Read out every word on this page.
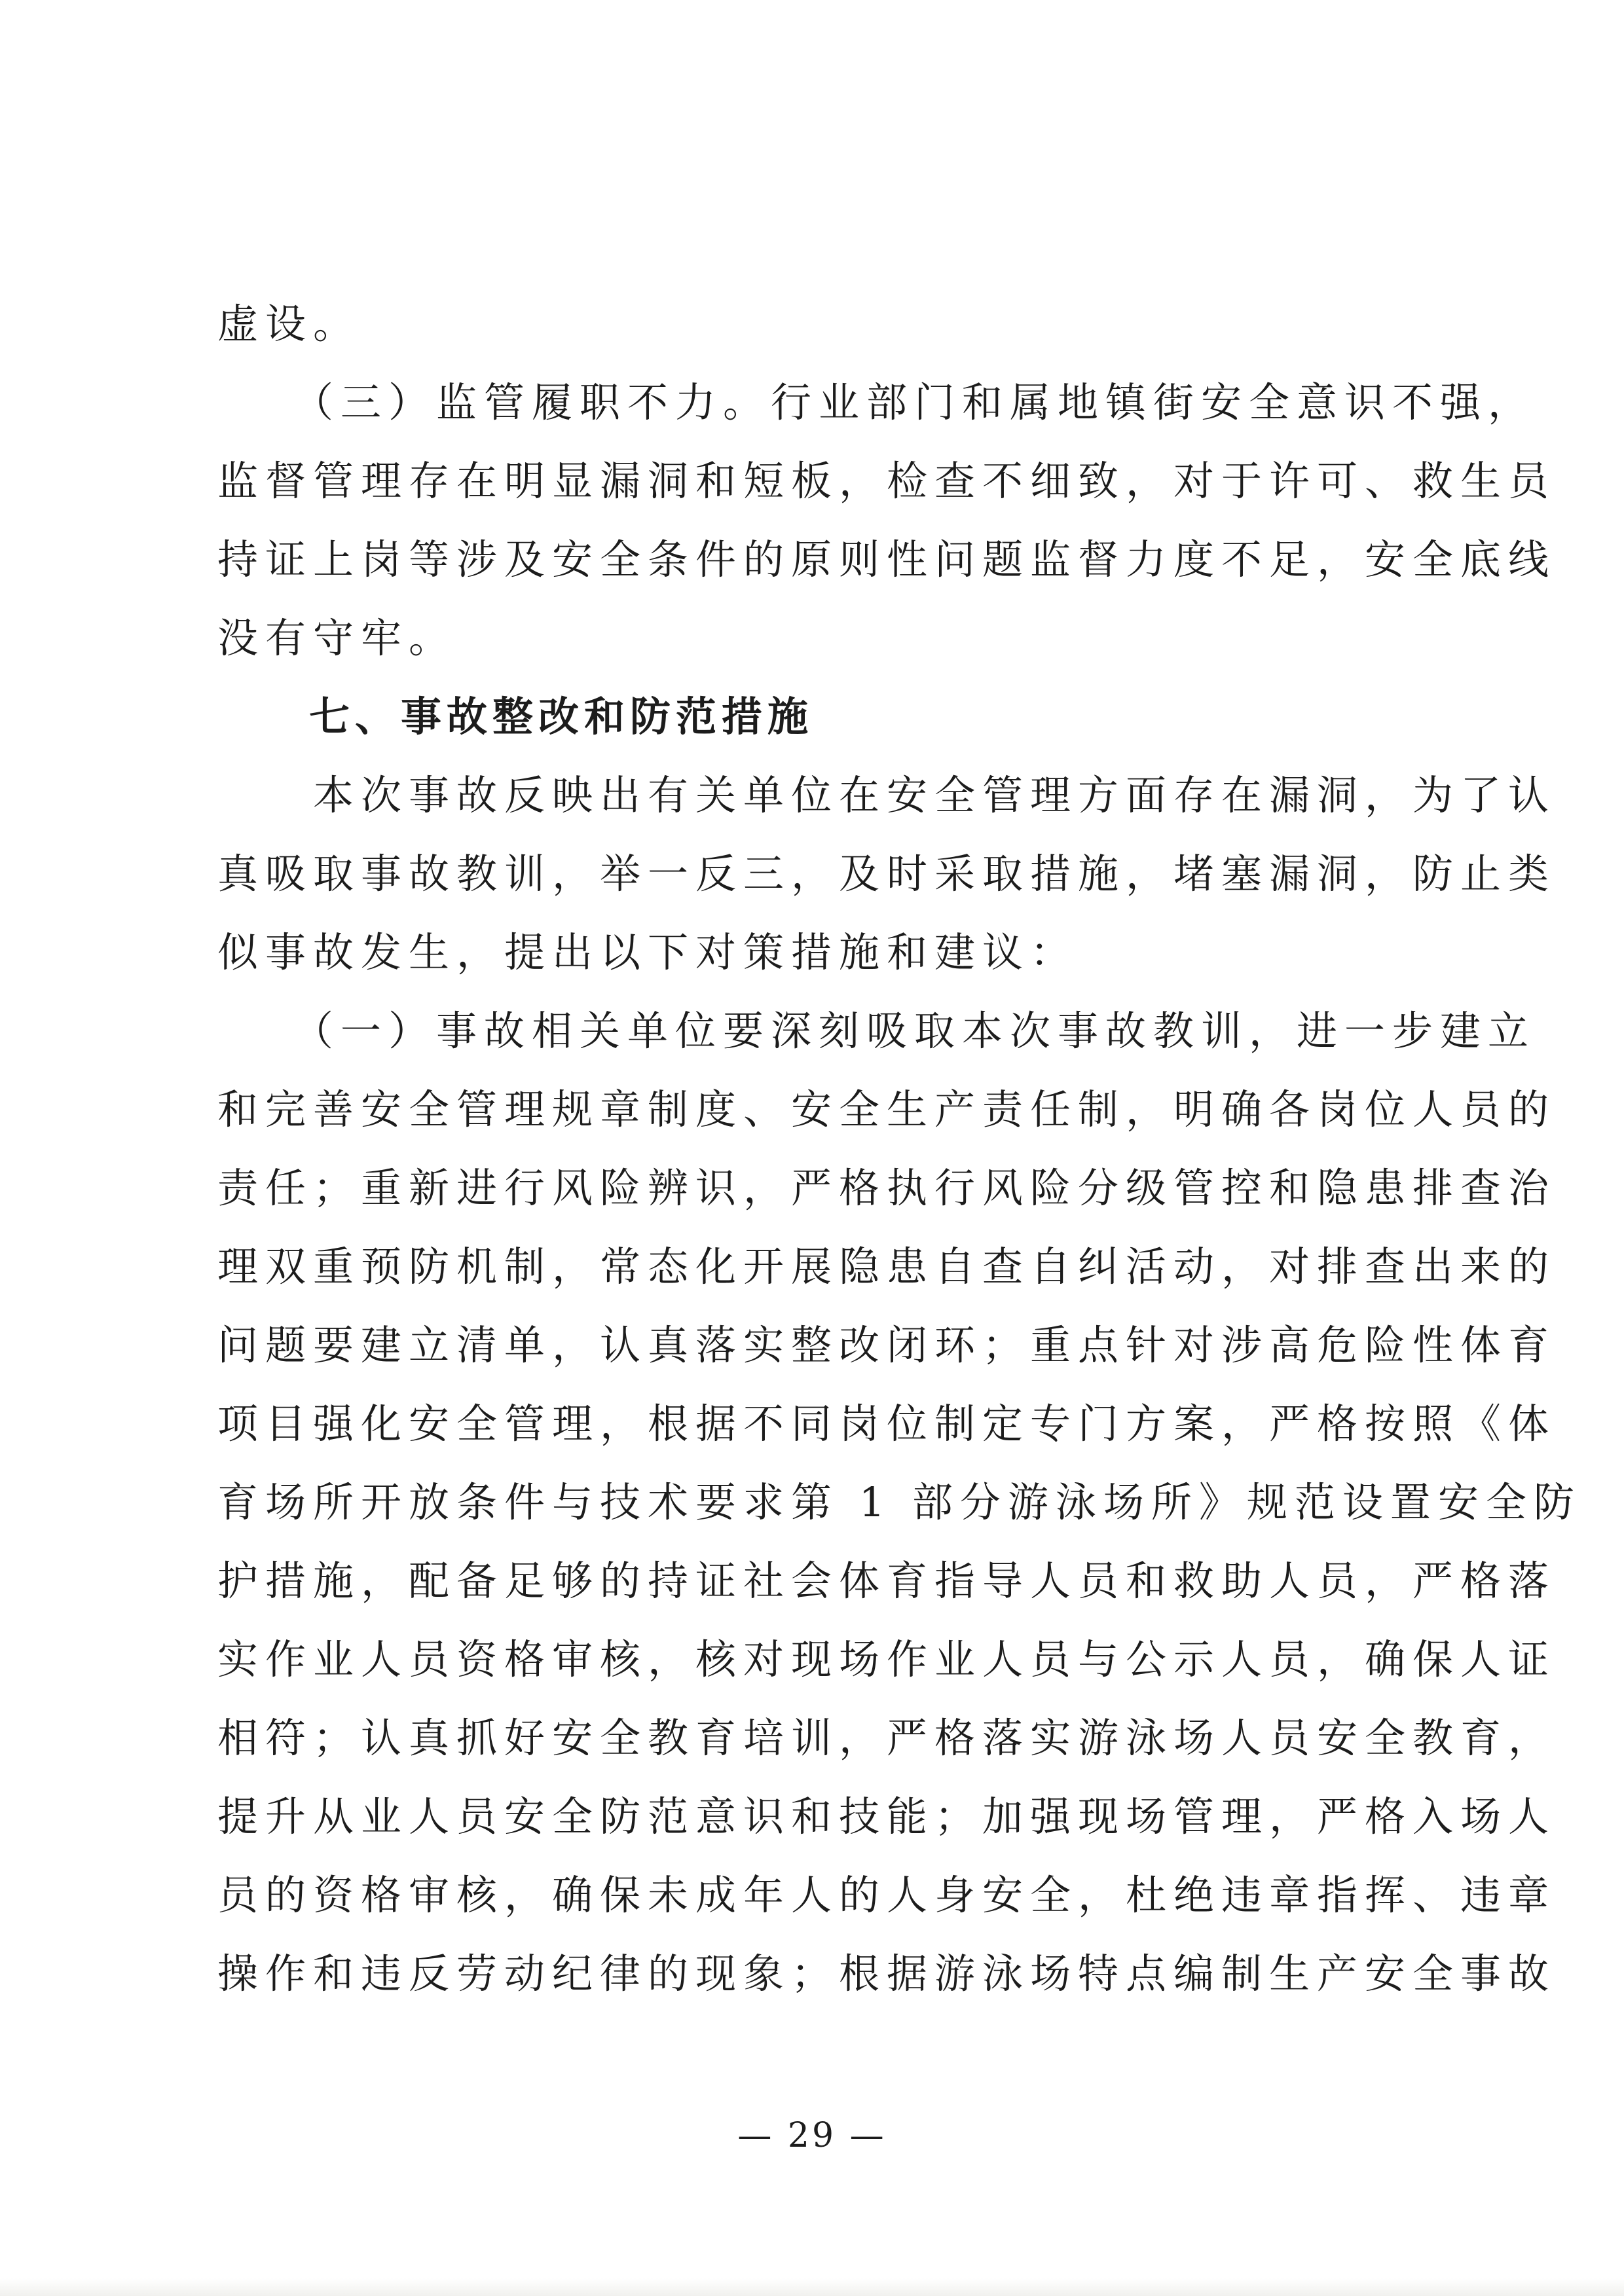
虚设。
　　（三）监管履职不力。行业部门和属地镇街安全意识不强，
监督管理存在明显漏洞和短板，检查不细致，对于许可、救生员
持证上岗等涉及安全条件的原则性问题监督力度不足，安全底线
没有守牢。
　　七、事故整改和防范措施
　　本次事故反映出有关单位在安全管理方面存在漏洞，为了认
真吸取事故教训，举一反三，及时采取措施，堵塞漏洞，防止类
似事故发生，提出以下对策措施和建议：
　　（一）事故相关单位要深刻吸取本次事故教训，进一步建立
和完善安全管理规章制度、安全生产责任制，明确各岗位人员的
责任；重新进行风险辨识，严格执行风险分级管控和隐患排查治
理双重预防机制，常态化开展隐患自查自纠活动，对排查出来的
问题要建立清单，认真落实整改闭环；重点针对涉高危险性体育
项目强化安全管理，根据不同岗位制定专门方案，严格按照《体
育场所开放条件与技术要求第 1 部分游泳场所》规范设置安全防
护措施，配备足够的持证社会体育指导人员和救助人员，严格落
实作业人员资格审核，核对现场作业人员与公示人员，确保人证
相符；认真抓好安全教育培训，严格落实游泳场人员安全教育，
提升从业人员安全防范意识和技能；加强现场管理，严格入场人
员的资格审核，确保未成年人的人身安全，杜绝违章指挥、违章
操作和违反劳动纪律的现象；根据游泳场特点编制生产安全事故
— 29 —
